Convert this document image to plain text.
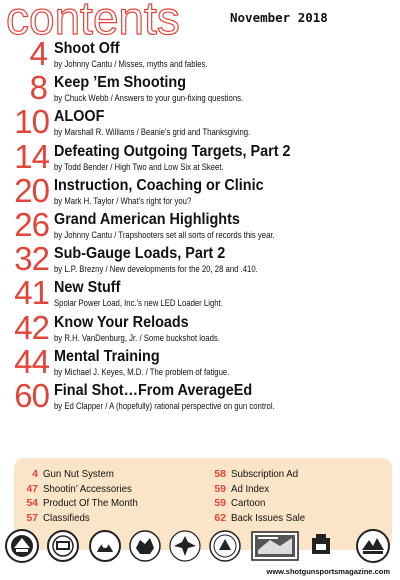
contents	November 2018
4 Shoot Off
by Johnny Cantu / Misses, myths and fables.
8 Keep ’Em Shooting
by Chuck Webb / Answers to your gun-fixing questions.
10 ALOOF
by Marshall R. Williams / Beanie's grid and Thanksgiving.
14 Defeating Outgoing Targets, Part 2
by Todd Bender / High Two and Low Six at Skeet.
20 Instruction, Coaching or Clinic
by Mark H. Taylor / What's right for you?
26 Grand American Highlights
by Johnny Cantu / Trapshooters set all sorts of records this year.
32 Sub-Gauge Loads, Part 2
by L.P. Brezny / New developments for the 20, 28 and .410.
41 New Stuff
Spolar Power Load, Inc.'s new LED Loader Light.
42 Know Your Reloads
by R.H. VanDenburg, Jr. / Some buckshot loads.
44 Mental Training
by Michael J. Keyes, M.D. / The problem of fatigue.
60 Final Shot…From AverageEd
by Ed Clapper / A (hopefully) rational perspective on gun control.
4 Gun Nut System
47 Shootin’ Accessories
54 Product Of The Month
57 Classifieds
58 Subscription Ad
59 Ad Index
59 Cartoon
62 Back Issues Sale
www.shotgunsportsmagazine.com
